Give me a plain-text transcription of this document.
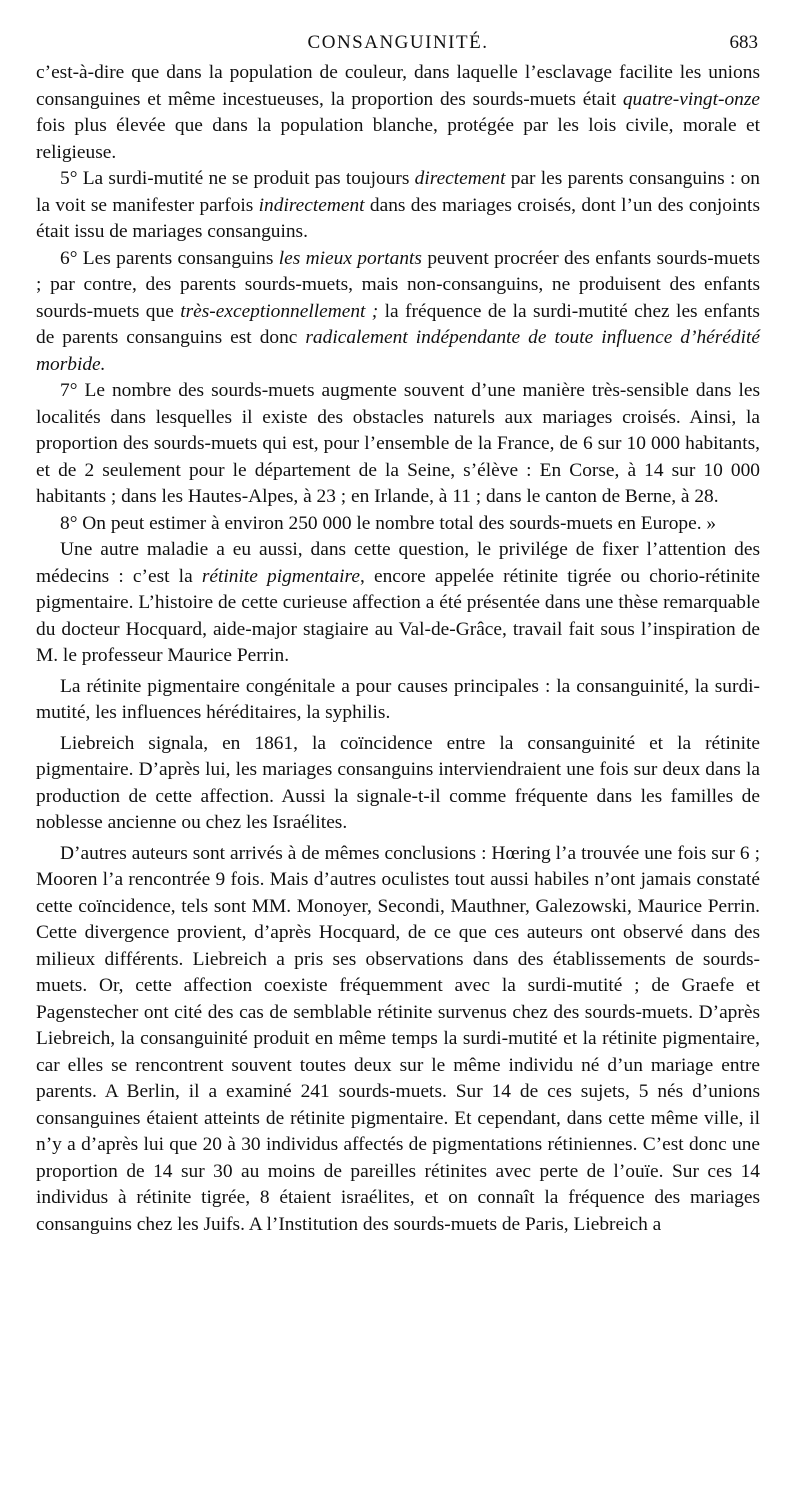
CONSANGUINITÉ.	683

c’est-à-dire que dans la population de couleur, dans laquelle l’esclavage facilite les unions consanguines et même incestueuses, la proportion des sourds-muets était quatre-vingt-onze fois plus élevée que dans la population blanche, protégée par les lois civile, morale et religieuse.

5° La surdi-mutité ne se produit pas toujours directement par les parents consanguins : on la voit se manifester parfois indirectement dans des mariages croisés, dont l’un des conjoints était issu de mariages consanguins.

6° Les parents consanguins les mieux portants peuvent procréer des enfants sourds-muets ; par contre, des parents sourds-muets, mais non-consanguins, ne produisent des enfants sourds-muets que très-exceptionnellement ; la fréquence de la surdi-mutité chez les enfants de parents consanguins est donc radicalement indépendante de toute influence d’hérédité morbide.

7° Le nombre des sourds-muets augmente souvent d’une manière très-sensible dans les localités dans lesquelles il existe des obstacles naturels aux mariages croisés. Ainsi, la proportion des sourds-muets qui est, pour l’ensemble de la France, de 6 sur 10 000 habitants, et de 2 seulement pour le département de la Seine, s’élève : En Corse, à 14 sur 10 000 habitants ; dans les Hautes-Alpes, à 23 ; en Irlande, à 11 ; dans le canton de Berne, à 28.

8° On peut estimer à environ 250 000 le nombre total des sourds-muets en Europe. »

Une autre maladie a eu aussi, dans cette question, le privilége de fixer l’attention des médecins : c’est la rétinite pigmentaire, encore appelée rétinite tigrée ou chorio-rétinite pigmentaire. L’histoire de cette curieuse affection a été présentée dans une thèse remarquable du docteur Hocquard, aide-major stagiaire au Val-de-Grâce, travail fait sous l’inspiration de M. le professeur Maurice Perrin.

La rétinite pigmentaire congénitale a pour causes principales : la consanguinité, la surdi-mutité, les influences héréditaires, la syphilis.

Liebreich signala, en 1861, la coïncidence entre la consanguinité et la rétinite pigmentaire. D’après lui, les mariages consanguins interviendraient une fois sur deux dans la production de cette affection. Aussi la signale-t-il comme fréquente dans les familles de noblesse ancienne ou chez les Israélites.

D’autres auteurs sont arrivés à de mêmes conclusions : Hœring l’a trouvée une fois sur 6 ; Mooren l’a rencontrée 9 fois. Mais d’autres oculistes tout aussi habiles n’ont jamais constaté cette coïncidence, tels sont MM. Monoyer, Secondi, Mauthner, Galezowski, Maurice Perrin. Cette divergence provient, d’après Hocquard, de ce que ces auteurs ont observé dans des milieux différents. Liebreich a pris ses observations dans des établissements de sourds-muets. Or, cette affection coexiste fréquemment avec la surdi-mutité ; de Graefe et Pagenstecher ont cité des cas de semblable rétinite survenus chez des sourds-muets. D’après Liebreich, la consanguinité produit en même temps la surdi-mutité et la rétinite pigmentaire, car elles se rencontrent souvent toutes deux sur le même individu né d’un mariage entre parents. A Berlin, il a examiné 241 sourds-muets. Sur 14 de ces sujets, 5 nés d’unions consanguines étaient atteints de rétinite pigmentaire. Et cependant, dans cette même ville, il n’y a d’après lui que 20 à 30 individus affectés de pigmentations rétiniennes. C’est donc une proportion de 14 sur 30 au moins de pareilles rétinites avec perte de l’ouïe. Sur ces 14 individus à rétinite tigrée, 8 étaient israélites, et on connaît la fréquence des mariages consanguins chez les Juifs. A l’Institution des sourds-muets de Paris, Liebreich a
